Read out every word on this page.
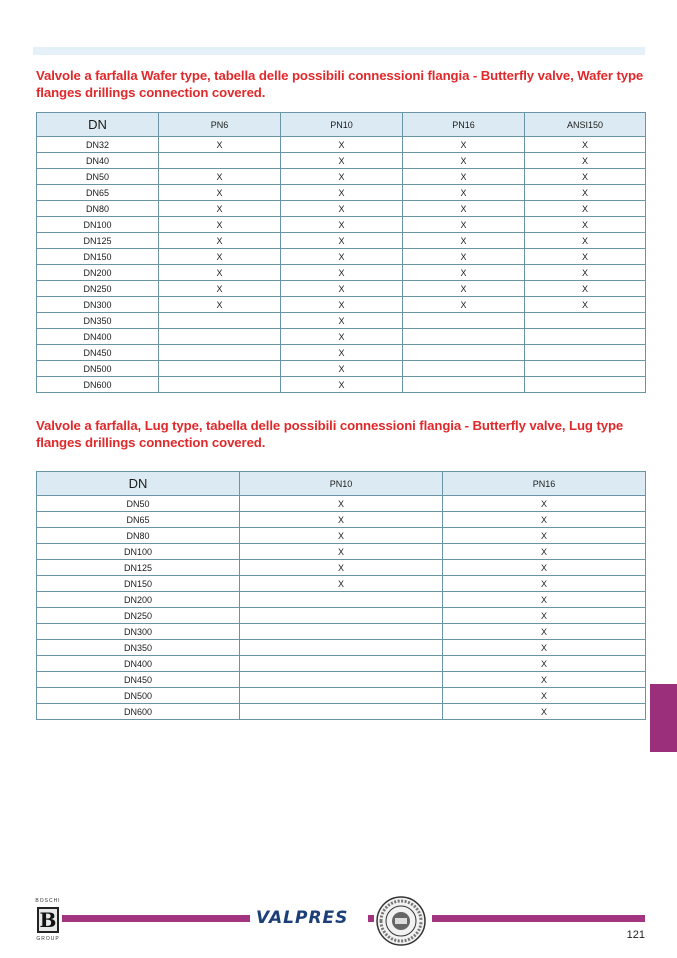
Valvole a farfalla Wafer type, tabella delle possibili connessioni flangia - Butterfly valve, Wafer type flanges drillings connection covered.
DN	PN6	PN10	PN16	ANSI150
DN32	X	X	X	X
DN40		X	X	X
DN50	X	X	X	X
DN65	X	X	X	X
DN80	X	X	X	X
DN100	X	X	X	X
DN125	X	X	X	X
DN150	X	X	X	X
DN200	X	X	X	X
DN250	X	X	X	X
DN300	X	X	X	X
DN350		X		
DN400		X		
DN450		X		
DN500		X		
DN600		X		
Valvole a farfalla, Lug type, tabella delle possibili connessioni flangia - Butterfly valve, Lug type flanges drillings connection covered.
DN	PN10	PN16
DN50	X	X
DN65	X	X
DN80	X	X
DN100	X	X
DN125	X	X
DN150	X	X
DN200		X
DN250		X
DN300		X
DN350		X
DN400		X
DN450		X
DN500		X
DN600		X
BOSCHI
B
GROUP
VALPRES
121
